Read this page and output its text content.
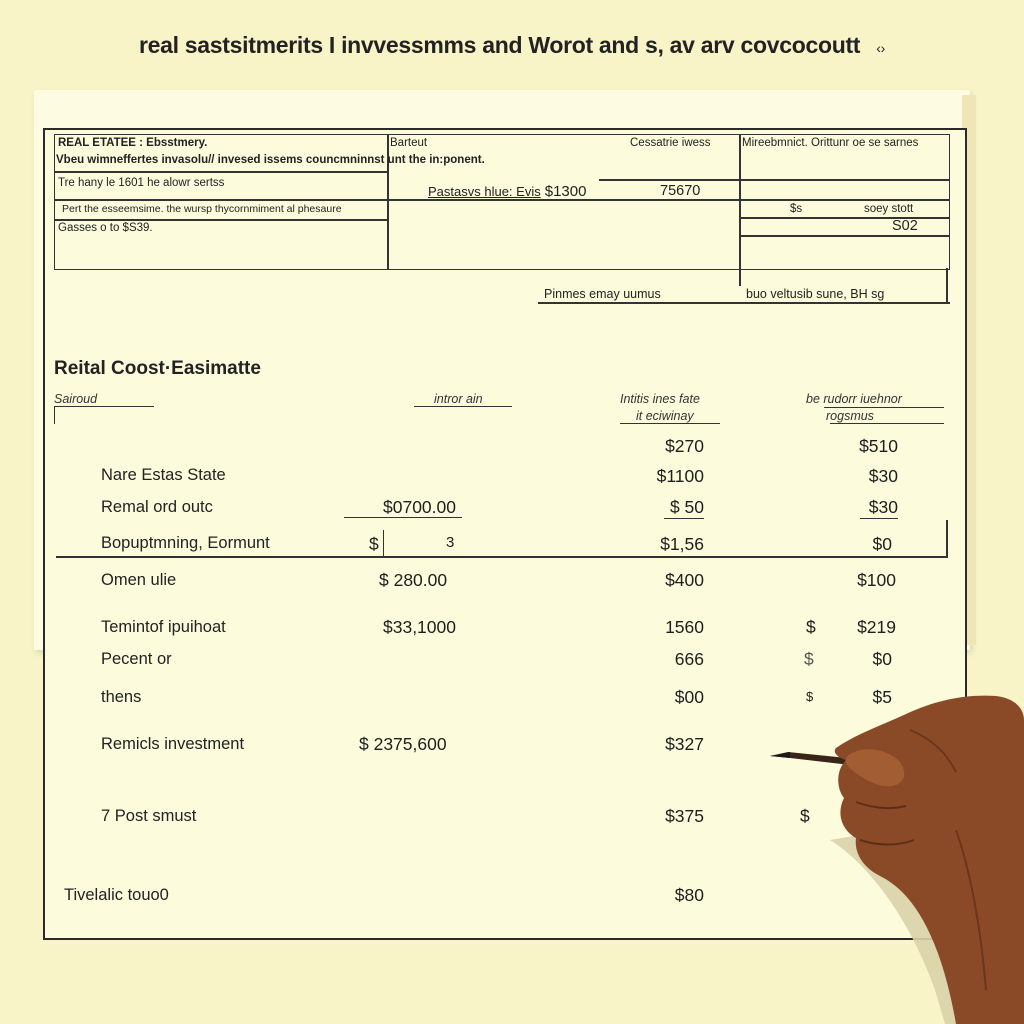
real sastsitmerits I invvessmms and Worot and s, av arv covcocoutt ‹›
REAL ETATEE : Ebsstmery.
Vbeu wimneffertes invasolu// invesed issems councmninnst unt the in:ponent.
Barteut	Cessatrie iwess	Mireebmnict. Orittunr oe se sarnes
Tre hany le 1601 he alowr sertss
Pastasvs hlue: Evis $1300	75670
Pert the esseemsime. the wursp thycornmiment al phesaure	$s	soey stott
Gasses o to $S39.	S02
Pinmes emay uumus	buo veltusib sune, BH sg
Reital Coost·Easimatte
Sairoud	intror ain	Intitis ines fate
it eciwinay
be rudorr iuehnor
rogsmus
$270	$510
Nare Estas State	$1100	$30
Remal ord outc	$0700.00	$ 50	$30
Bopuptmning, Eormunt	$	3	$1,56	$0
Omen ulie	$ 280.00	$400	$100
Temintof ipuihoat	$33,1000	1560	$	$219
Pecent or	666	$	$0
thens	$00	$	$5
Remicls investment	$ 2375,600	$327
7 Post smust	$375	$
Tivelalic touo0	$80
